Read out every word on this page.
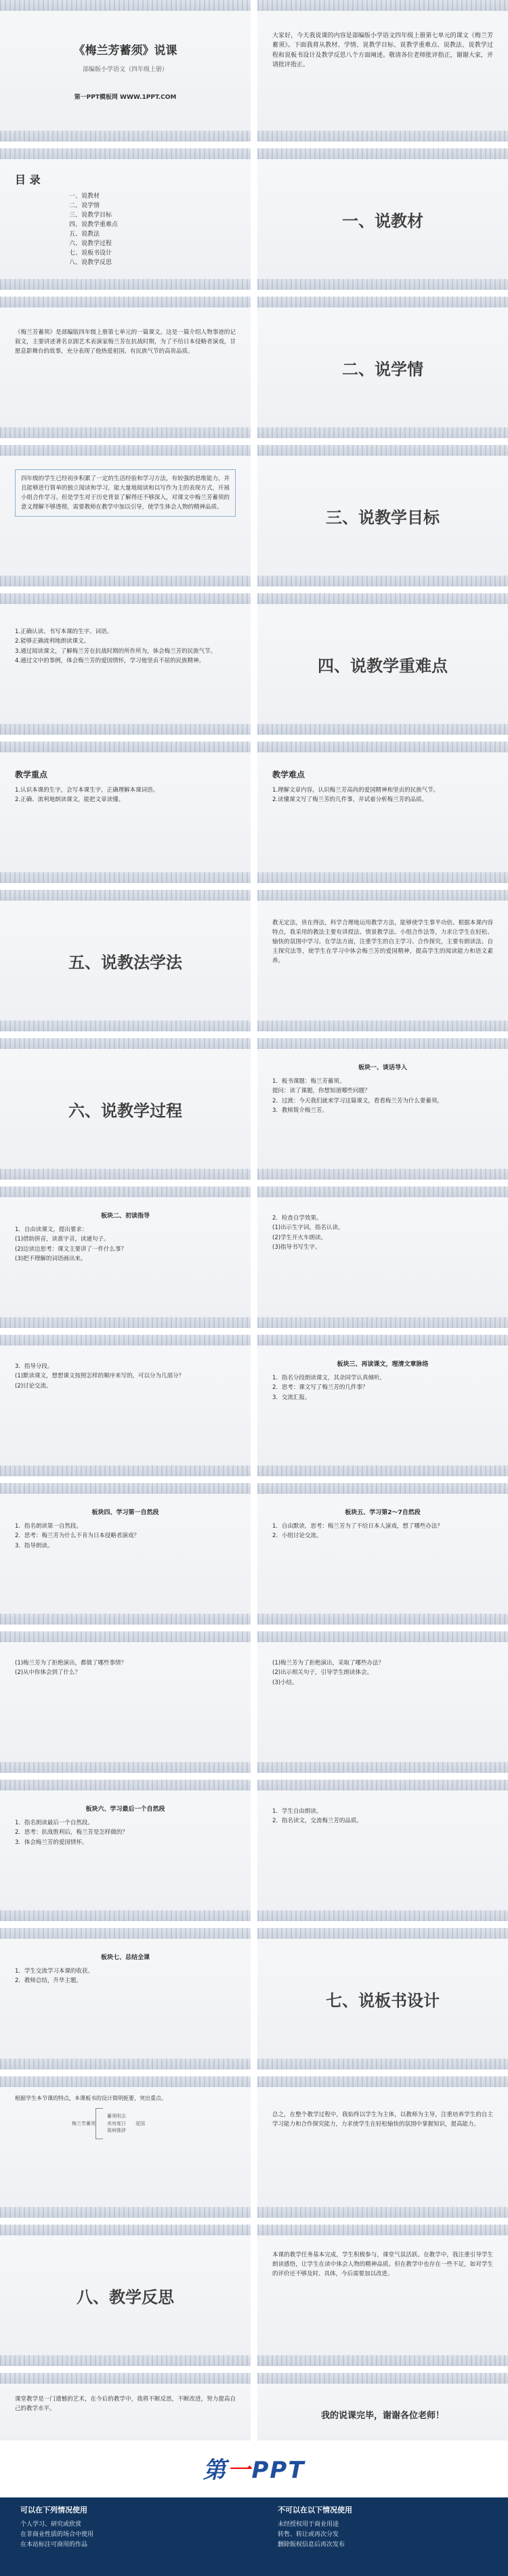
《梅兰芳蓄须》说课
部编版小学语文（四年级上册）
第一PPT模板网 WWW.1PPT.COM
大家好，今天我说课的内容是部编版小学语文四年级上册第七单元的课文《梅兰芳蓄须》。下面我将从教材、学情、说教学目标、说教学重难点、说教法、说教学过程和说板书设计及教学反思八个方面阐述。敬请各位老师批评指正，谢谢大家，并请批评指正。
目 录
一、说教材
二、说学情
三、说教学目标
四、说教学重难点
五、说教法
六、说教学过程
七、说板书设计
八、说教学反思
一、说教材
《梅兰芳蓄须》是部编版四年级上册第七单元的一篇课文。这是一篇介绍人物事迹的记叙文，主要讲述著名京剧艺术表演家梅兰芳在抗战时期，为了不给日本侵略者演戏，甘愿息影舞台的故事，充分表现了他热爱祖国、有民族气节的高贵品质。
二、说学情
四年级的学生已经初步积累了一定的生活经验和学习方法，有较强的思维能力，并且能够进行简单的独立阅读和学习，能大量地阅读和以写作为主的表现方式，开展小组合作学习。但是学生对于历史背景了解得还不够深入，对课文中梅兰芳蓄须的意义理解不够透彻，需要教师在教学中加以引导，使学生体会人物的精神品质。
三、说教学目标
1.正确认读、书写本课的生字、词语。
2.能够正确流利地朗读课文。
3.通过阅读课文，了解梅兰芳在抗战时期的所作所为，体会梅兰芳的民族气节。
4.通过文中的事例，体会梅兰芳的爱国情怀，学习他坚贞不屈的民族精神。	四、说教学重难点
教学重点
1.认识本课的生字，会写本课生字，正确理解本课词语。
2.正确、流利地朗读课文，能把文章读懂。
教学难点
1.理解文章内容，认识梅兰芳高尚的爱国精神和坚贞的民族气节。
2.读懂课文写了梅兰芳的几件事，并试着分析梅兰芳的品质。
五、说教法学法
教无定法，贵在得法，科学合理地运用教学方法，能够使学生事半功倍。根据本课内容特点，我采用的教法主要有讲授法、情景教学法、小组合作法等，力求让学生在轻松、愉快的氛围中学习。在学法方面，注重学生的自主学习、合作探究，主要有朗读法、自主探究法等，使学生在学习中体会梅兰芳的爱国精神，提高学生的阅读能力和语文素养。
六、说教学过程
板块一、谈话导入
1．板书课题：梅兰芳蓄须。
提问：读了课题，你想知道哪些问题？
2．过渡：今天我们就来学习这篇课文，看看梅兰芳为什么要蓄须。
3．教师简介梅兰芳。
板块二、初读指导
1．自由读课文，提出要求：
(1)借助拼音，读准字音，读通句子。
(2)边读边思考：课文主要讲了一件什么事？
(3)把不理解的词语画出来。
2．检查自学效果。
(1)出示生字词，指名认读。
(2)学生开火车朗读。
(3)指导书写生字。
3．指导分段。
(1)默读课文，想想课文按照怎样的顺序来写的，可以分为几部分？
(2)讨论交流。
板块三、再读课文，理清文章脉络
1．指名分段朗读课文，其余同学认真倾听。
2．思考：课文写了梅兰芳的几件事？
3．交流汇报。
板块四、学习第一自然段
1．指名朗读第一自然段。
2．思考：梅兰芳为什么不肯为日本侵略者演戏？
3．指导朗读。
板块五、学习第2～7自然段
1．自由默读，思考：梅兰芳为了不给日本人演戏，想了哪些办法？
2．小组讨论交流。
(1)梅兰芳为了拒绝演出，都做了哪些事情？
(2)从中你体会到了什么？
(1)梅兰芳为了拒绝演出，采取了哪些办法？
(2)出示相关句子，引导学生朗读体会。
(3)小结。
板块六、学习最后一个自然段
1．指名朗读最后一个自然段。
2．思考：抗战胜利后，梅兰芳是怎样做的？
3．体会梅兰芳的爱国情怀。
1．学生自由朗读。
2．指名读文，交流梅兰芳的品质。
板块七、总结全课
1．学生交流学习本课的收获。
2．教师总结，升华主题。
七、说板书设计
根据学生本节课的特点，本课板书的设计简明扼要，突出重点。
梅兰芳蓄须
蓄须明志
卖房度日
装病推辞
爱国
总之，在整个教学过程中，我始终以学生为主体，以教师为主导，注重培养学生的自主学习能力和合作探究能力，力求使学生在轻松愉快的氛围中掌握知识，提高能力。
八、教学反思
本课的教学任务基本完成，学生积极参与，课堂气氛活跃。在教学中，我注重引导学生朗读感悟，让学生在读中体会人物的精神品质。但在教学中也存在一些不足，如对学生的评价还不够及时、具体，今后需要加以改进。
课堂教学是一门遗憾的艺术，在今后的教学中，我将不断反思，不断改进，努力提高自己的教学水平。
我的说课完毕，谢谢各位老师！
第一PPT
可以在下列情况使用
个人学习、研究或欣赏
在非商业性质的场合中使用
在本站标注可商用的作品
不可以在以下情况使用
未经授权用于商业用途
转售、转让或再次分发
删除版权信息后再次发布
